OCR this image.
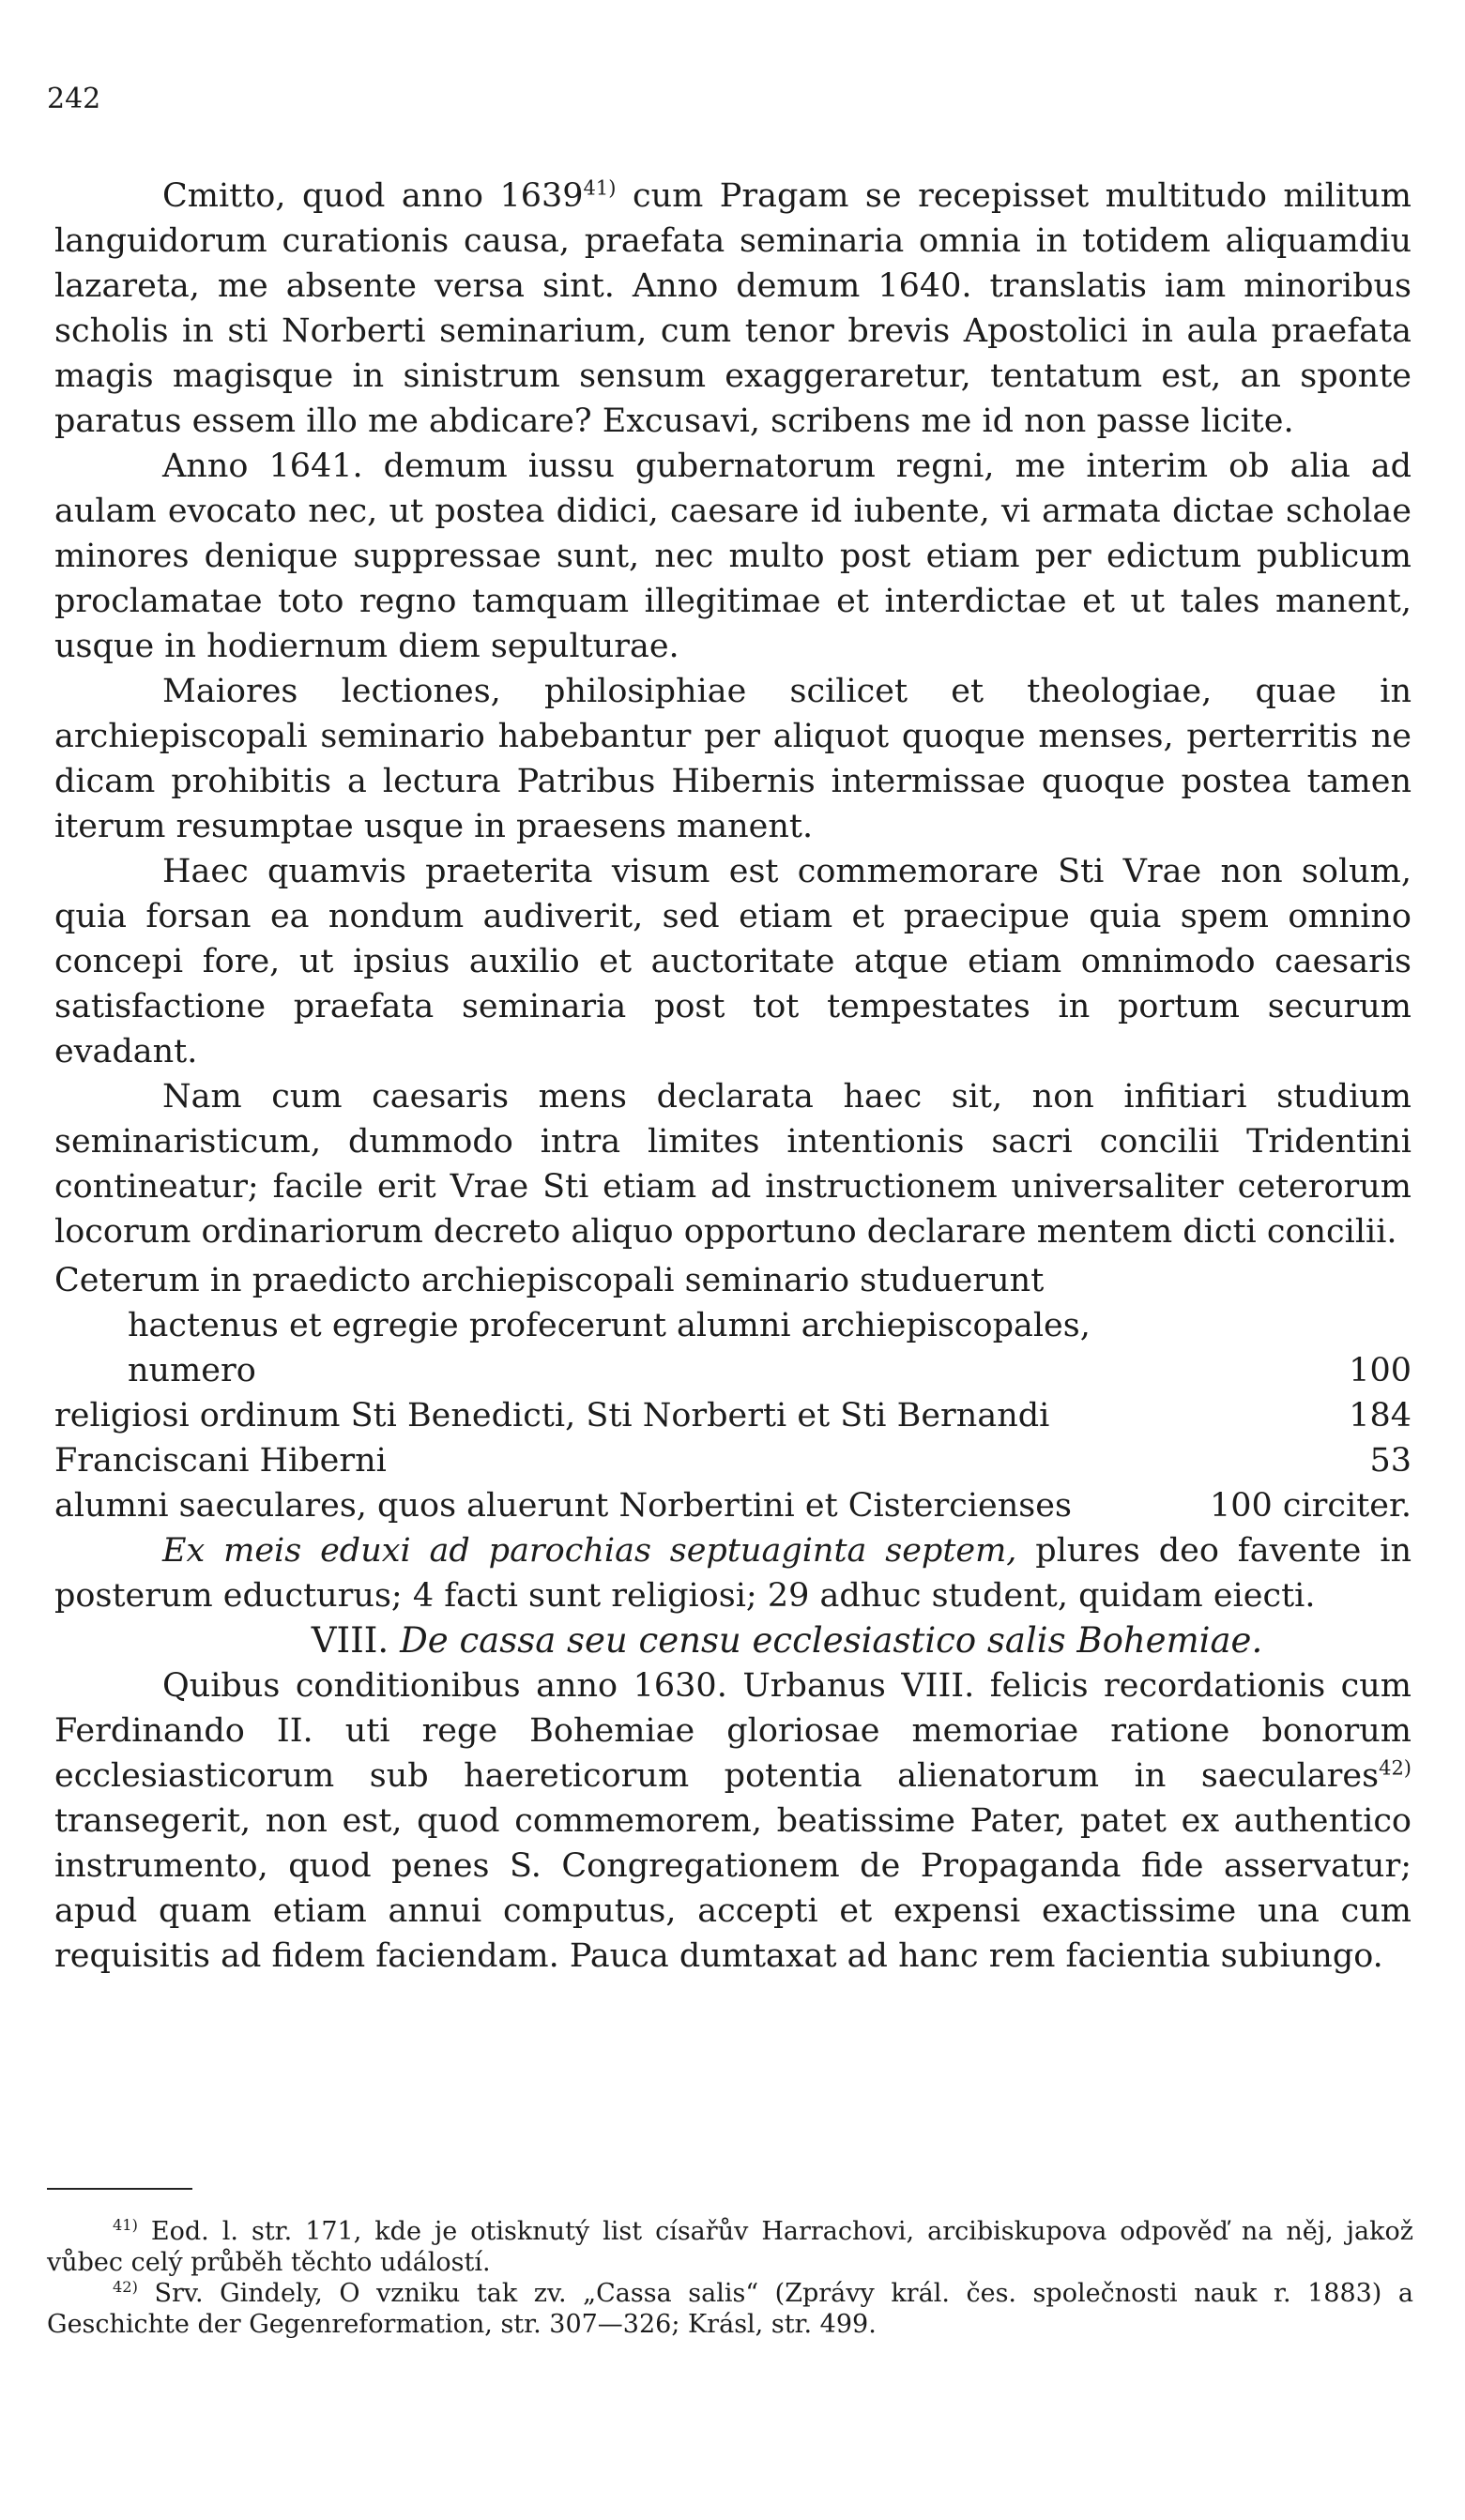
242

Cmitto, quod anno 1639$^{41)}$ cum Pragam se recepisset multitudo militum languidorum curationis causa, praefata seminaria omnia in totidem aliquamdiu lazareta, me absente versa sint. Anno demum 1640. translatis iam minoribus scholis in sti Norberti seminarium, cum tenor brevis Apostolici in aula praefata magis magisque in sinistrum sensum exaggeraretur, tentatum est, an sponte paratus essem illo me abdicare? Excusavi, scribens me id non passe licite.

Anno 1641. demum iussu gubernatorum regni, me interim ob alia ad aulam evocato nec, ut postea didici, caesare id iubente, vi armata dictae scholae minores denique suppressae sunt, nec multo post etiam per edictum publicum proclamatae toto regno tamquam illegitimae et interdictae et ut tales manent, usque in hodiernum diem sepulturae.

Maiores lectiones, philosiphiae scilicet et theologiae, quae in archiepiscopali seminario habebantur per aliquot quoque menses, perterritis ne dicam prohibitis a lectura Patribus Hibernis intermissae quoque postea tamen iterum resumptae usque in praesens manent.

Haec quamvis praeterita visum est commemorare Sti Vrae non solum, quia forsan ea nondum audiverit, sed etiam et praecipue quia spem omnino concepi fore, ut ipsius auxilio et auctoritate atque etiam omnimodo caesaris satisfactione praefata seminaria post tot tempestates in portum securum evadant.

Nam cum caesaris mens declarata haec sit, non infitiari studium seminaristicum, dummodo intra limites intentionis sacri concilii Tridentini contineatur; facile erit Vrae Sti etiam ad instructionem universaliter ceterorum locorum ordinariorum decreto aliquo opportuno declarare mentem dicti concilii.

Ceterum in praedicto archiepiscopali seminario studuerunt
hactenus et egregie profecerunt alumni archiepiscopales,
numero	100
religiosi ordinum Sti Benedicti, Sti Norberti et Sti Bernandi	184
Franciscani Hiberni	53
alumni saeculares, quos aluerunt Norbertini et Cistercienses	100 circiter.

Ex meis eduxi ad parochias septuaginta septem, plures deo favente in posterum educturus; 4 facti sunt religiosi; 29 adhuc student, quidam eiecti.

VIII. De cassa seu censu ecclesiastico salis Bohemiae.

Quibus conditionibus anno 1630. Urbanus VIII. felicis recordationis cum Ferdinando II. uti rege Bohemiae gloriosae memoriae ratione bonorum ecclesiasticorum sub haereticorum potentia alienatorum in saeculares$^{42)}$ transegerit, non est, quod commemorem, beatissime Pater, patet ex authentico instrumento, quod penes S. Congregationem de Propaganda fide asservatur; apud quam etiam annui computus, accepti et expensi exactissime una cum requisitis ad fidem faciendam. Pauca dumtaxat ad hanc rem facientia subiungo.

$^{41)}$ Eod. l. str. 171, kde je otisknutý list císařův Harrachovi, arcibiskupova odpověď na něj, jakož vůbec celý průběh těchto událostí.

$^{42)}$ Srv. Gindely, O vzniku tak zv. „Cassa salis“ (Zprávy král. čes. společnosti nauk r. 1883) a Geschichte der Gegenreformation, str. 307—326; Krásl, str. 499.
